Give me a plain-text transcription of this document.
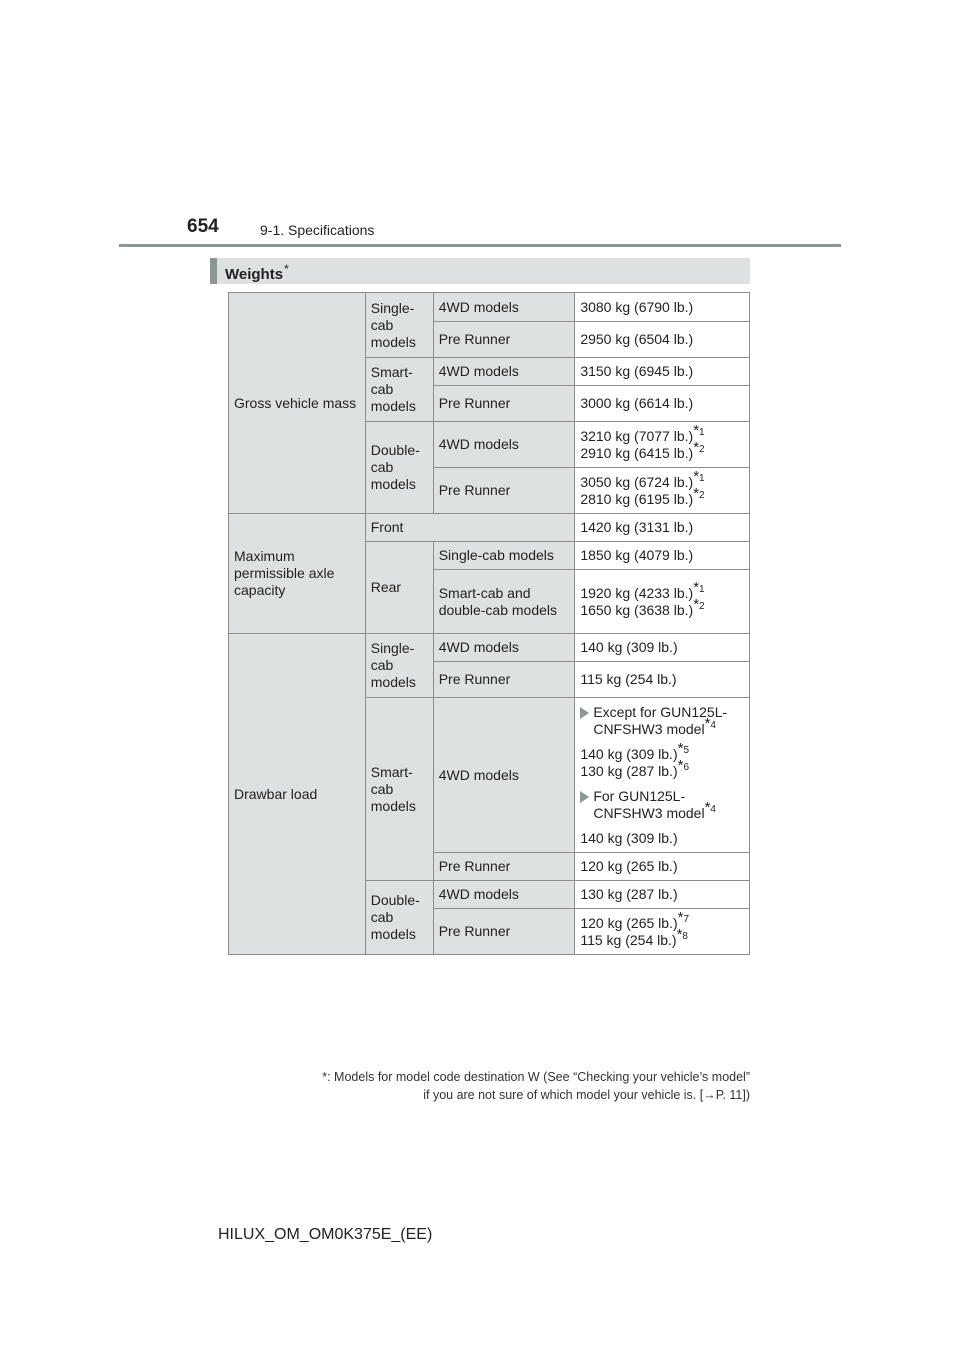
654	9-1. Specifications
Weights*
Gross vehicle mass	Single-cab models	4WD models	3080 kg (6790 lb.)
		Pre Runner	2950 kg (6504 lb.)
	Smart-cab models	4WD models	3150 kg (6945 lb.)
		Pre Runner	3000 kg (6614 lb.)
	Double-cab models	4WD models	3210 kg (7077 lb.)$^{*1}$
2910 kg (6415 lb.)$^{*2}$

		Pre Runner	3050 kg (6724 lb.)$^{*1}$
2810 kg (6195 lb.)$^{*2}$

Maximum permissible axle capacity	Front		1420 kg (3131 lb.)
	Rear	Single-cab models	1850 kg (4079 lb.)
		Smart-cab and double-cab models	1920 kg (4233 lb.)$^{*1}$
1650 kg (3638 lb.)$^{*2}$

Drawbar load	Single-cab models	4WD models	140 kg (309 lb.)
		Pre Runner	115 kg (254 lb.)
	Smart-cab models	4WD models	Except for GUN125L-CNFSHW3 model$^{*4}$
140 kg (309 lb.)$^{*5}$
130 kg (287 lb.)$^{*6}$
For GUN125L-CNFSHW3 model$^{*4}$
140 kg (309 lb.)

		Pre Runner	120 kg (265 lb.)
	Double-cab models	4WD models	130 kg (287 lb.)
		Pre Runner	120 kg (265 lb.)$^{*7}$
115 kg (254 lb.)$^{*8}$
*: Models for model code destination W (See “Checking your vehicle’s model”
if you are not sure of which model your vehicle is. [→P. 11])
HILUX_OM_OM0K375E_(EE)
